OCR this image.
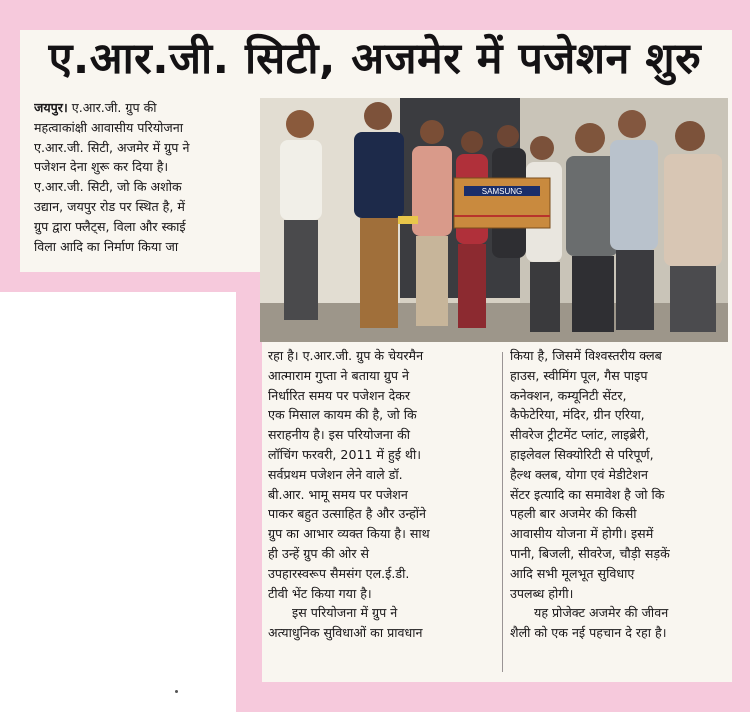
ए.आर.जी. सिटी, अजमेर में पजेशन शुरु
जयपुर। ए.आर.जी. ग्रुप की
महत्वाकांक्षी आवासीय परियोजना
ए.आर.जी. सिटी, अजमेर में ग्रुप ने
पजेशन देना शुरू कर दिया है।
ए.आर.जी. सिटी, जो कि अशोक
उद्यान, जयपुर रोड पर स्थित है, में
ग्रुप द्वारा फ्लैट्स, विला और स्काई
विला आदि का निर्माण किया जा
SAMSUNG
रहा है। ए.आर.जी. ग्रुप के चेयरमैन
आत्माराम गुप्ता ने बताया ग्रुप ने
निर्धारित समय पर पजेशन देकर
एक मिसाल कायम की है, जो कि
सराहनीय है। इस परियोजना की
लॉचिंग फरवरी, 2011 में हुई थी।
सर्वप्रथम पजेशन लेने वाले डॉ.
बी.आर. भामू समय पर पजेशन
पाकर बहुत उत्साहित है और उन्होंने
ग्रुप का आभार व्यक्त किया है। साथ
ही उन्हें ग्रुप की ओर से
उपहारस्वरूप सैमसंग एल.ई.डी.
टीवी भेंट किया गया है।
इस परियोजना में ग्रुप ने
अत्याधुनिक सुविधाओं का प्रावधान
किया है, जिसमें विश्वस्तरीय क्लब
हाउस, स्वीमिंग पूल, गैस पाइप
कनेक्शन, कम्यूनिटी सेंटर,
कैफेटेरिया, मंदिर, ग्रीन एरिया,
सीवरेज ट्रीटमेंट प्लांट, लाइब्रेरी,
हाइलेवल सिक्योरिटी से परिपूर्ण,
हैल्थ क्लब, योगा एवं मेडीटेशन
सेंटर इत्यादि का समावेश है जो कि
पहली बार अजमेर की किसी
आवासीय योजना में होगी। इसमें
पानी, बिजली, सीवरेज, चौड़ी सड़कें
आदि सभी मूलभूत सुविधाए
उपलब्ध होगी।
यह प्रोजेक्ट अजमेर की जीवन
शैली को एक नई पहचान दे रहा है।
